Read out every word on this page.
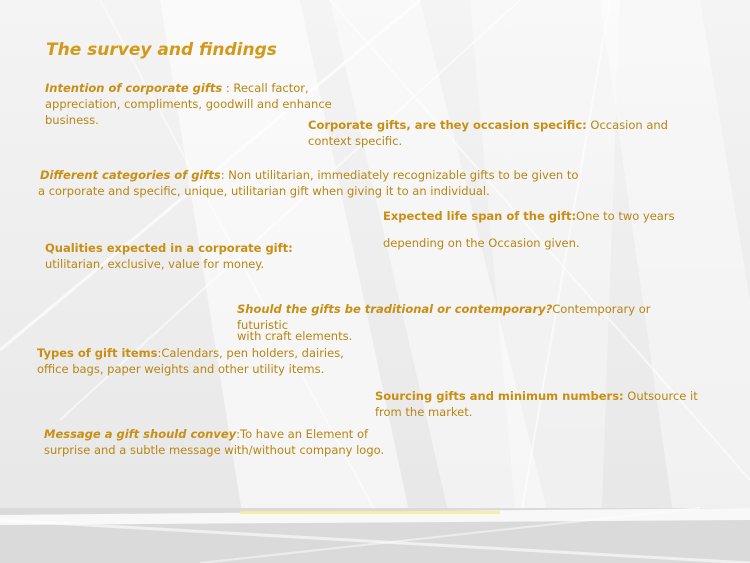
The survey and findings
Intention of corporate gifts : Recall factor, appreciation, compliments, goodwill and enhance business.	Corporate gifts, are they occasion specific: Occasion and context specific.
Different categories of gifts: Non utilitarian, immediately recognizable gifts to be given to a corporate and specific, unique, utilitarian gift when giving it to an individual.
Expected life span of the gift:One to two years
depending on the Occasion given.
Qualities expected in a corporate gift: utilitarian, exclusive, value for money.
Should the gifts be traditional or contemporary?Contemporary or futuristic
with craft elements.
Types of gift items:Calendars, pen holders, dairies, office bags, paper weights and other utility items.
Sourcing gifts and minimum numbers: Outsource it from the market.
Message a gift should convey:To have an Element of surprise and a subtle message with/without company logo.
